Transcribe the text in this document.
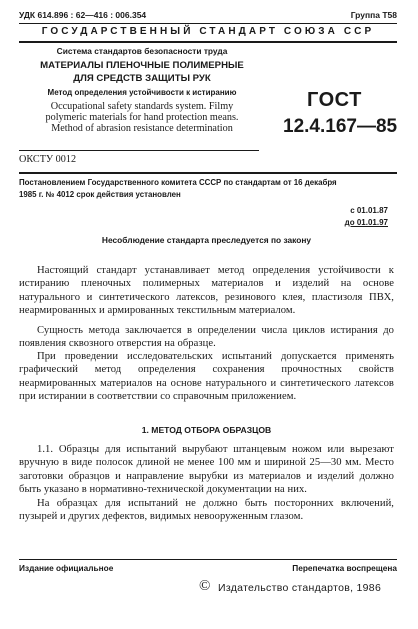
УДК 614.896 : 62—416 : 006.354	Группа Т58
ГОСУДАРСТВЕННЫЙ СТАНДАРТ СОЮЗА ССР
Система стандартов безопасности труда
МАТЕРИАЛЫ ПЛЕНОЧНЫЕ ПОЛИМЕРНЫЕ
ДЛЯ СРЕДСТВ ЗАЩИТЫ РУК
Метод определения устойчивости к истиранию
Occupational safety standards system. Filmy
polymeric materials for hand protection means.
Method of abrasion resistance determination
ОКСТУ 0012
ГОСТ
12.4.167—85
Постановлением Государственного комитета СССР по стандартам от 16 декабря
1985 г. № 4012 срок действия установлен
с 01.01.87
до 01.01.97
Несоблюдение стандарта преследуется по закону
Настоящий стандарт устанавливает метод определения устойчивости к истиранию пленочных полимерных материалов и изделий на основе натурального и синтетического латексов, резинового клея, пластизоля ПВХ, неармированных и армированных текстильным материалом.
Сущность метода заключается в определении числа циклов истирания до появления сквозного отверстия на образце.
При проведении исследовательских испытаний допускается применять графический метод определения сохранения прочностных свойств неармированных материалов на основе натурального и синтетического латексов при истирании в соответствии со справочным приложением.
1. МЕТОД ОТБОРА ОБРАЗЦОВ
1.1. Образцы для испытаний вырубают штанцевым ножом или вырезают вручную в виде полосок длиной не менее 100 мм и шириной 25—30 мм. Место заготовки образцов и направление вырубки из материалов и изделий должно быть указано в нормативно-технической документации на них.
На образцах для испытаний не должно быть посторонних включений, пузырей и других дефектов, видимых невооруженным глазом.
Издание официальное	Перепечатка воспрещена
© Издательство стандартов, 1986
